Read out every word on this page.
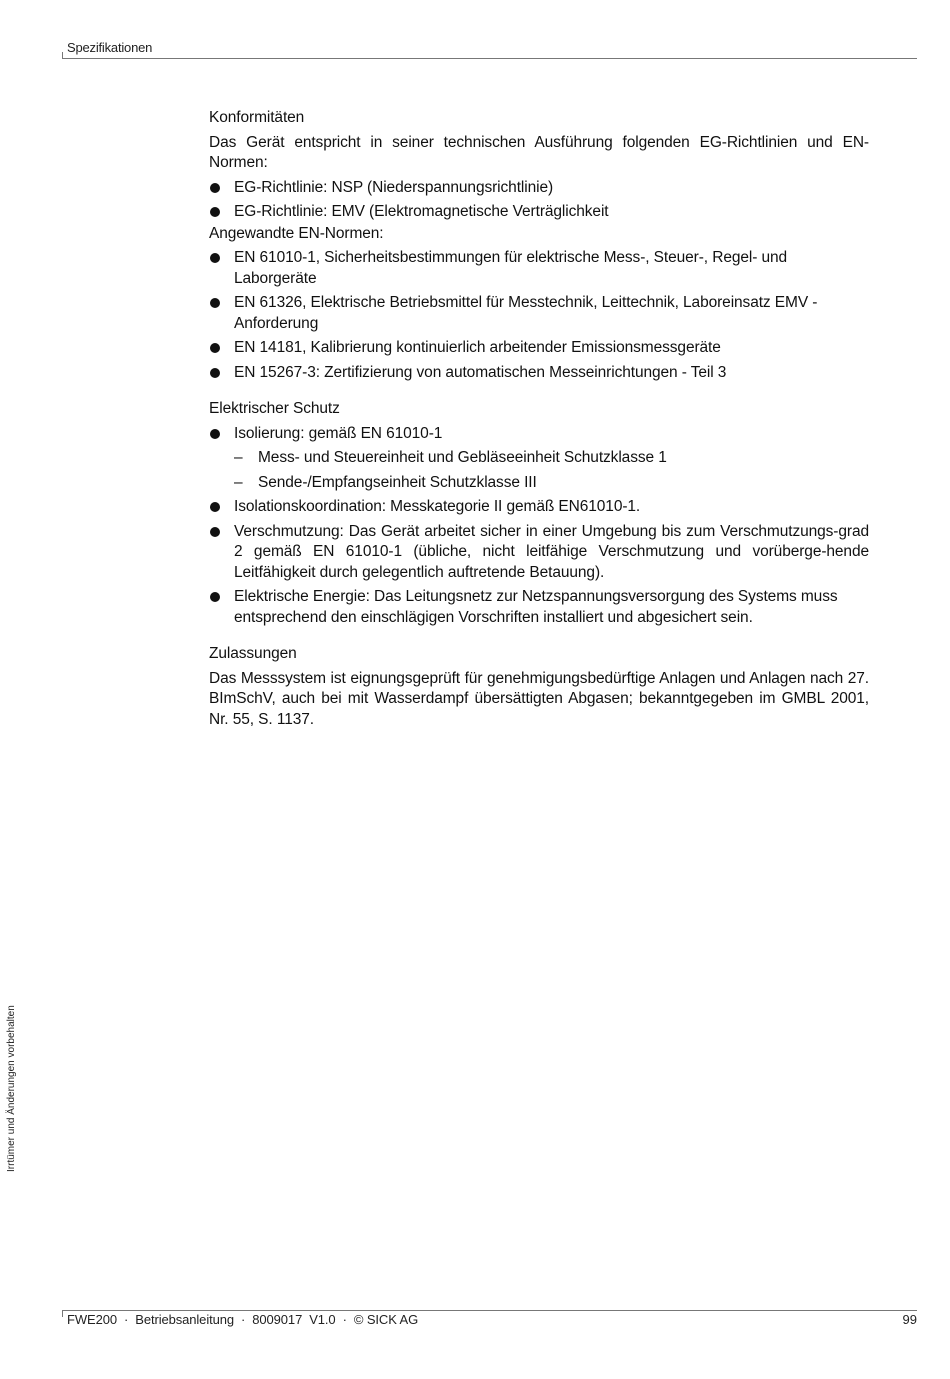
Spezifikationen
Konformitäten

Das Gerät entspricht in seiner technischen Ausführung folgenden EG-Richtlinien und EN-Normen:

EG-Richtlinie: NSP (Niederspannungsrichtlinie)
EG-Richtlinie: EMV (Elektromagnetische Verträglichkeit

Angewandte EN-Normen:

EN 61010-1, Sicherheitsbestimmungen für elektrische Mess-, Steuer-, Regel- und Laborgeräte
EN 61326, Elektrische Betriebsmittel für Messtechnik, Leittechnik, Laboreinsatz EMV - Anforderung
EN 14181, Kalibrierung kontinuierlich arbeitender Emissionsmessgeräte
EN 15267-3: Zertifizierung von automatischen Messeinrichtungen - Teil 3
Elektrischer Schutz
Isolierung: gemäß EN 61010-1
– Mess- und Steuereinheit und Gebläseeinheit Schutzklasse 1
– Sende-/Empfangseinheit Schutzklasse III
Isolationskoordination: Messkategorie II gemäß EN61010-1.
Verschmutzung: Das Gerät arbeitet sicher in einer Umgebung bis zum Verschmutzungs-grad 2 gemäß EN 61010-1 (übliche, nicht leitfähige Verschmutzung und vorüberge-hende Leitfähigkeit durch gelegentlich auftretende Betauung).
Elektrische Energie: Das Leitungsnetz zur Netzspannungsversorgung des Systems muss entsprechend den einschlägigen Vorschriften installiert und abgesichert sein.
Zulassungen

Das Messsystem ist eignungsgeprüft für genehmigungsbedürftige Anlagen und Anlagen nach 27. BImSchV, auch bei mit Wasserdampf übersättigten Abgasen; bekanntgegeben im GMBL 2001, Nr. 55, S. 1137.

Irrtümer und Änderungen vorbehalten
FWE200  ·  Betriebsanleitung  ·  8009017  V1.0  ·  © SICK AG	99
